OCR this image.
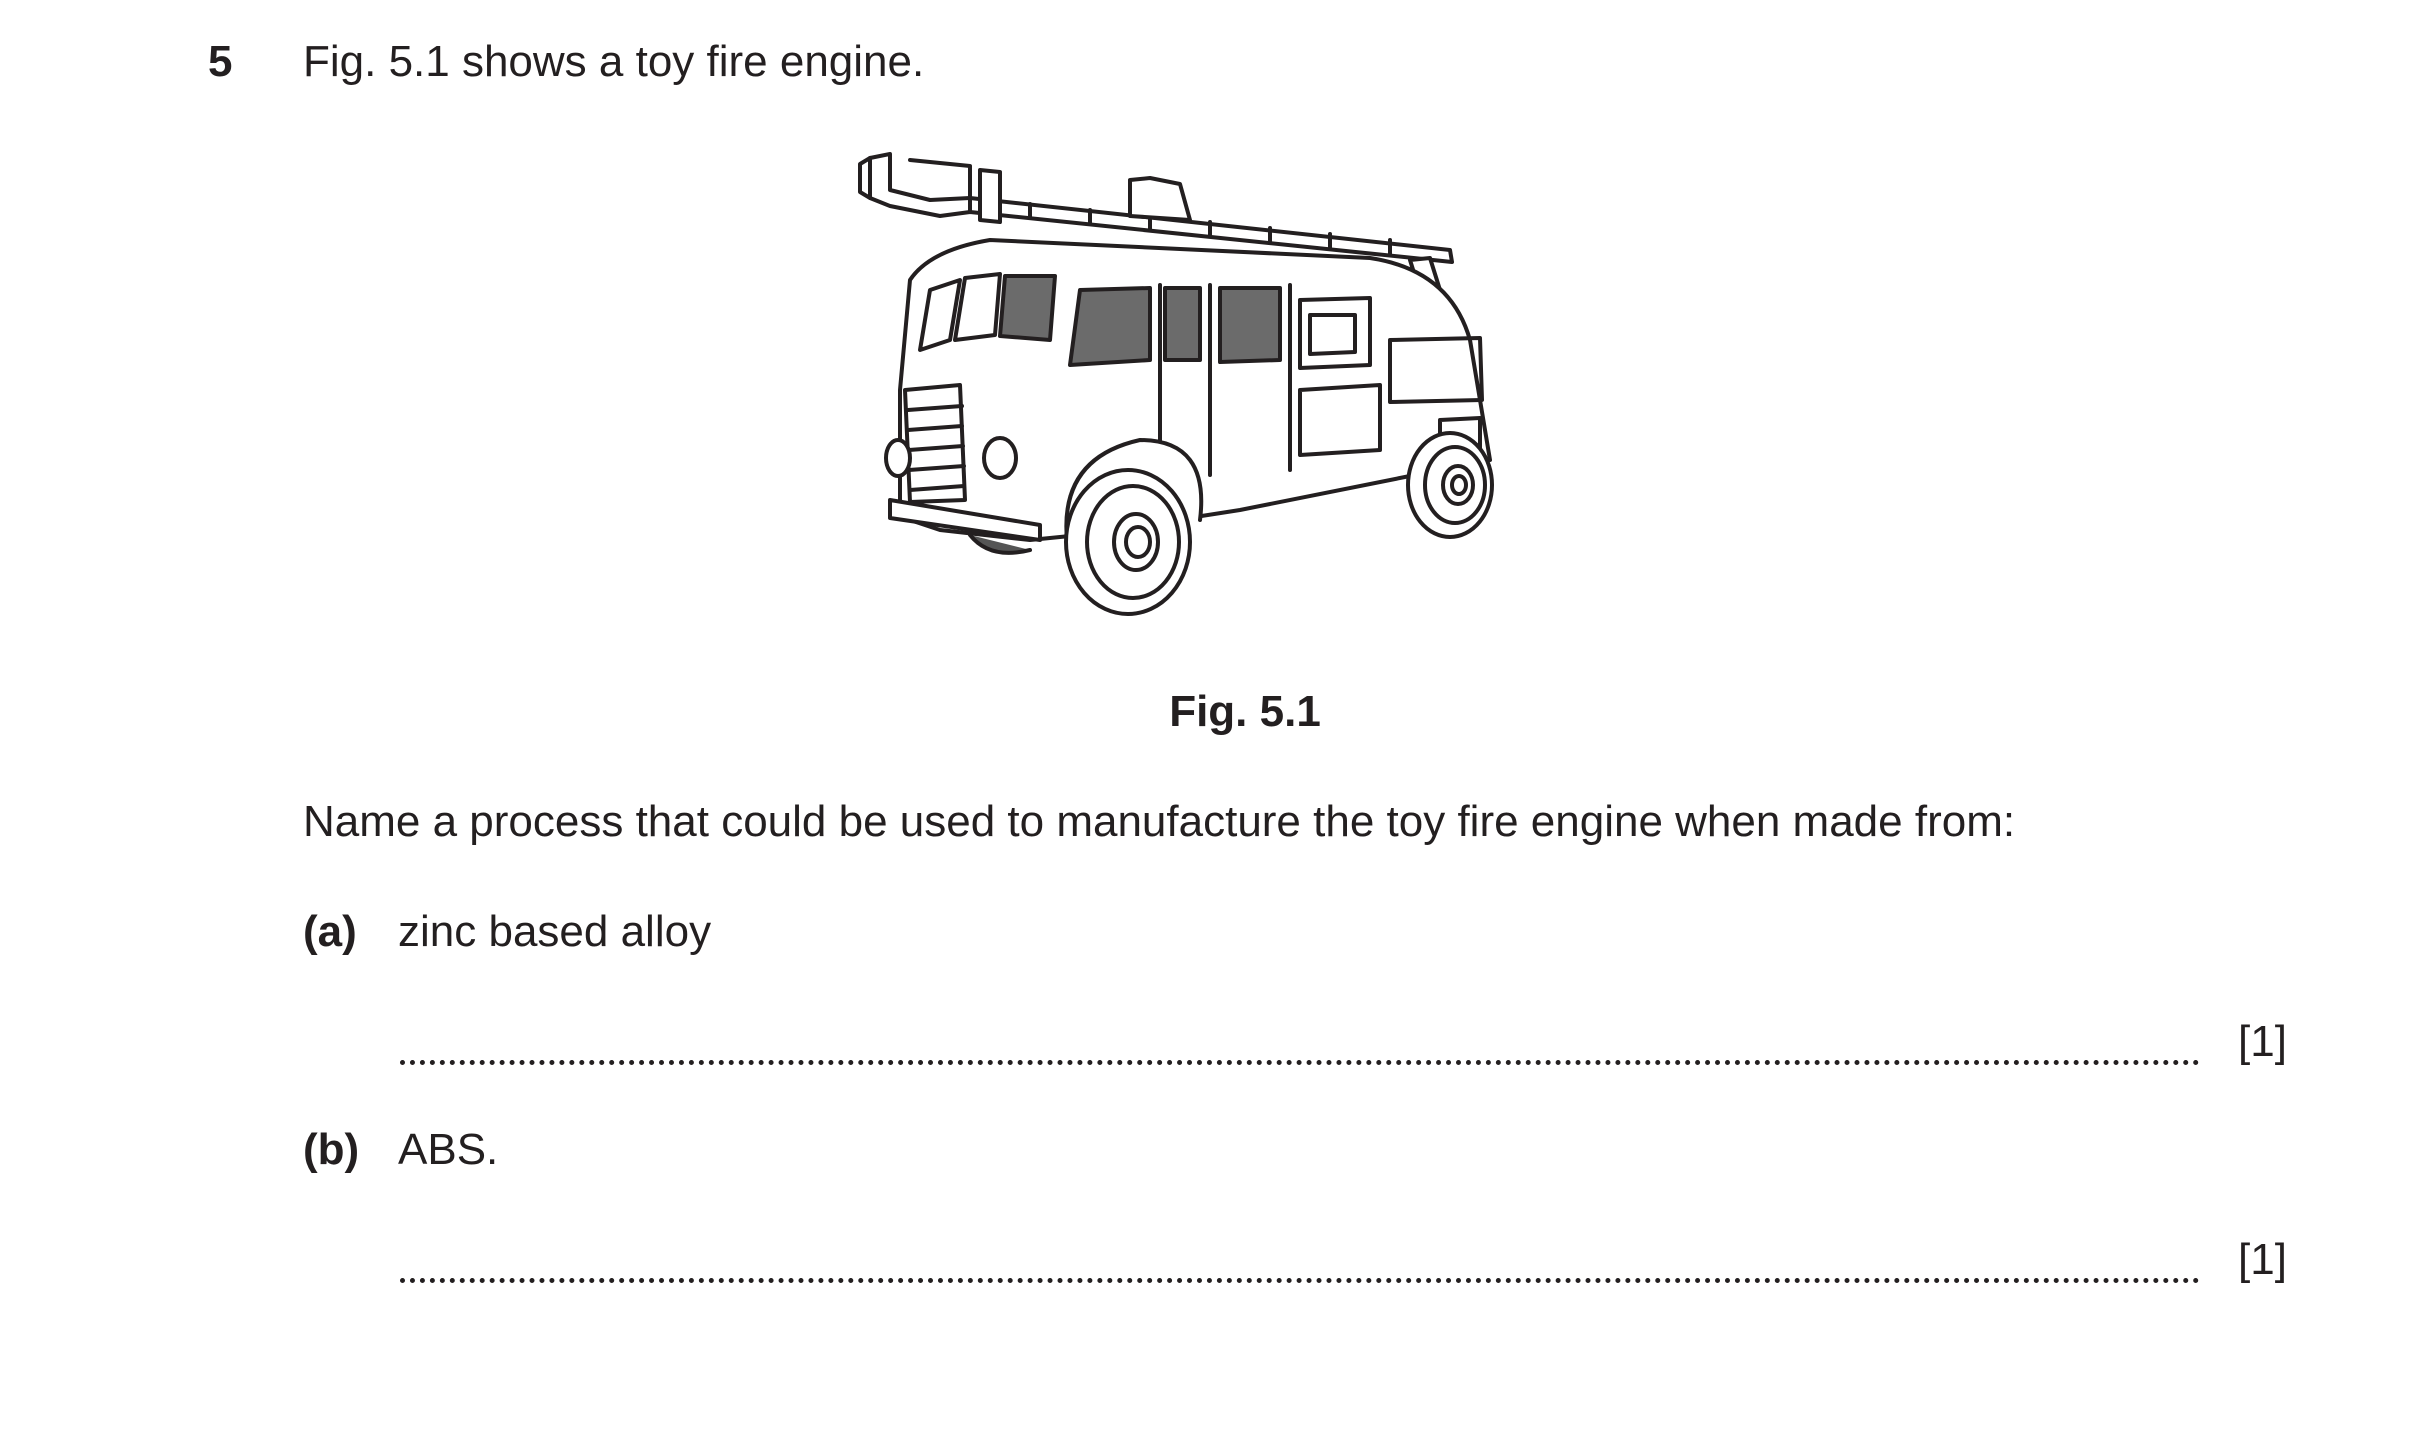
5 Fig. 5.1 shows a toy fire engine.
Fig. 5.1
Name a process that could be used to manufacture the toy fire engine when made from:
(a) zinc based alloy
[1]
(b) ABS.
[1]
